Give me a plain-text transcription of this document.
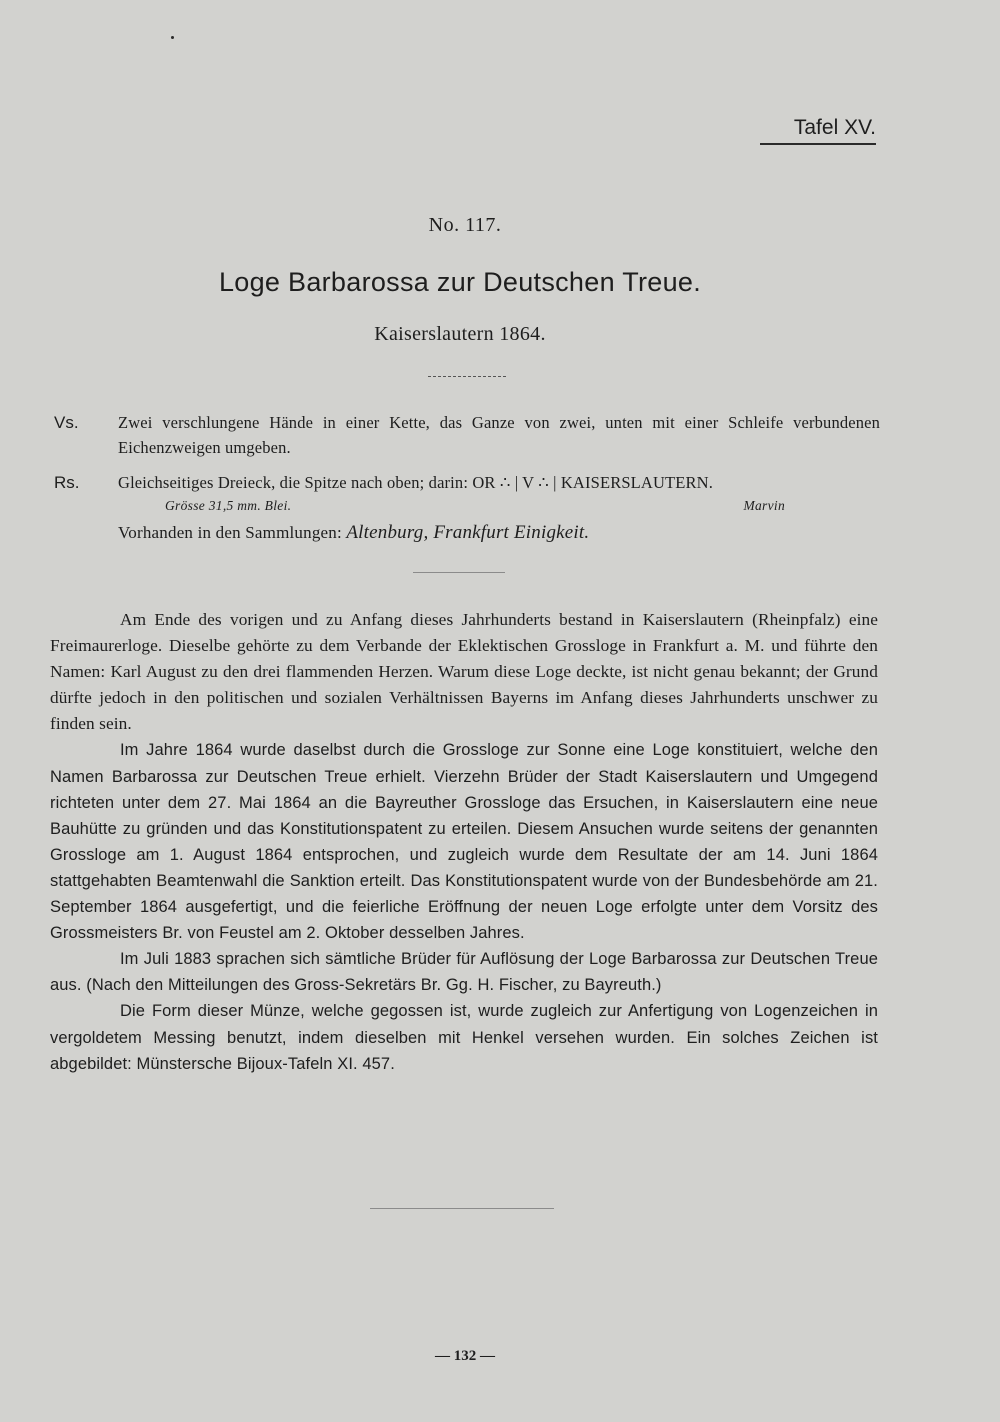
Tafel XV.
No. 117.
Loge Barbarossa zur Deutschen Treue.
Kaiserslautern 1864.
Vs.	Zwei verschlungene Hände in einer Kette, das Ganze von zwei, unten mit einer Schleife verbundenen Eichenzweigen umgeben.
Rs.	Gleichseitiges Dreieck, die Spitze nach oben; darin: OR ∴ | V ∴ | KAISERSLAUTERN.
Grösse 31,5 mm. Blei.	Marvin
Vorhanden in den Sammlungen: Altenburg, Frankfurt Einigkeit.

Am Ende des vorigen und zu Anfang dieses Jahrhunderts bestand in Kaiserslautern (Rheinpfalz) eine Freimaurerloge. Dieselbe gehörte zu dem Verbande der Eklektischen Grossloge in Frankfurt a. M. und führte den Namen: Karl August zu den drei flammenden Herzen. Warum diese Loge deckte, ist nicht genau bekannt; der Grund dürfte jedoch in den politischen und sozialen Verhältnissen Bayerns im Anfang dieses Jahrhunderts unschwer zu finden sein.

Im Jahre 1864 wurde daselbst durch die Grossloge zur Sonne eine Loge konstituiert, welche den Namen Barbarossa zur Deutschen Treue erhielt. Vierzehn Brüder der Stadt Kaiserslautern und Umgegend richteten unter dem 27. Mai 1864 an die Bayreuther Grossloge das Ersuchen, in Kaiserslautern eine neue Bauhütte zu gründen und das Konstitutionspatent zu erteilen. Diesem Ansuchen wurde seitens der genannten Grossloge am 1. August 1864 entsprochen, und zugleich wurde dem Resultate der am 14. Juni 1864 stattgehabten Beamtenwahl die Sanktion erteilt. Das Konstitutionspatent wurde von der Bundesbehörde am 21. September 1864 ausgefertigt, und die feierliche Eröffnung der neuen Loge erfolgte unter dem Vorsitz des Grossmeisters Br. von Feustel am 2. Oktober desselben Jahres.

Im Juli 1883 sprachen sich sämtliche Brüder für Auflösung der Loge Barbarossa zur Deutschen Treue aus. (Nach den Mitteilungen des Gross-Sekretärs Br. Gg. H. Fischer, zu Bayreuth.)

Die Form dieser Münze, welche gegossen ist, wurde zugleich zur Anfertigung von Logenzeichen in vergoldetem Messing benutzt, indem dieselben mit Henkel versehen wurden. Ein solches Zeichen ist abgebildet: Münstersche Bijoux-Tafeln XI. 457.

— 132 —
